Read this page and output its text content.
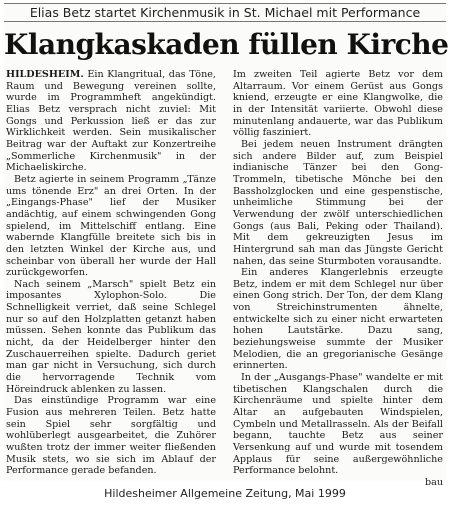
Elias Betz startet Kirchenmusik in St. Michael mit Performance
Klangkaskaden füllen Kirche

HILDESHEIM. Ein Klangritual, das Töne, Raum und Bewegung vereinen sollte, wurde im Programmheft angekündigt. Elias Betz versprach nicht zuviel: Mit Gongs und Perkussion ließ er das zur Wirklichkeit werden. Sein musikalischer Beitrag war der Auftakt zur Konzertreihe „Sommerliche Kirchenmusik" in der Michaeliskirche.

Betz agierte in seinem Programm „Tänze ums tönende Erz" an drei Orten. In der „Eingangs-Phase" lief der Musiker andächtig, auf einem schwingenden Gong spielend, im Mittelschiff entlang. Eine wabernde Klangfülle breitete sich bis in den letzten Winkel der Kirche aus, und scheinbar von überall her wurde der Hall zurückgeworfen.

Nach seinem „Marsch" spielt Betz ein imposantes Xylophon-Solo. Die Schnelligkeit verriet, daß seine Schlegel nur so auf den Holzplatten getanzt haben müssen. Sehen konnte das Publikum das nicht, da der Heidelberger hinter den Zuschauerreihen spielte. Dadurch geriet man gar nicht in Versuchung, sich durch die hervorragende Technik vom Höreindruck ablenken zu lassen.

Das einstündige Programm war eine Fusion aus mehreren Teilen. Betz hatte sein Spiel sehr sorgfältig und wohlüberlegt ausgearbeitet, die Zuhörer wußten trotz der immer weiter fließenden Musik stets, wo sie sich im Ablauf der Performance gerade befanden.

Im zweiten Teil agierte Betz vor dem Altarraum. Vor einem Gerüst aus Gongs kniend, erzeugte er eine Klangwolke, die in der Intensität variierte. Obwohl diese minutenlang andauerte, war das Publikum völlig fasziniert.

Bei jedem neuen Instrument drängten sich andere Bilder auf, zum Beispiel indianische Tänzer bei den Gong-Trommeln, tibetische Mönche bei den Bassholzglocken und eine gespenstische, unheimliche Stimmung bei der Verwendung der zwölf unterschiedlichen Gongs (aus Bali, Peking oder Thailand). Mit dem gekreuzigten Jesus im Hintergrund sah man das Jüngste Gericht nahen, das seine Sturmboten vorausandte.

Ein anderes Klangerlebnis erzeugte Betz, indem er mit dem Schlegel nur über einen Gong strich. Der Ton, der dem Klang von Streichinstrumenten ähnelte, entwickelte sich zu einer nicht erwarteten hohen Lautstärke. Dazu sang, beziehungsweise summte der Musiker Melodien, die an gregorianische Gesänge erinnerten.

In der „Ausgangs-Phase" wandelte er mit tibetischen Klangschalen durch die Kirchenräume und spielte hinter dem Altar an aufgebauten Windspielen, Cymbeln und Metallrasseln. Als der Beifall begann, tauchte Betz aus seiner Versenkung auf und wurde mit tosendem Applaus für seine außergewöhnliche Performance belohnt.

bau

Hildesheimer Allgemeine Zeitung, Mai 1999
